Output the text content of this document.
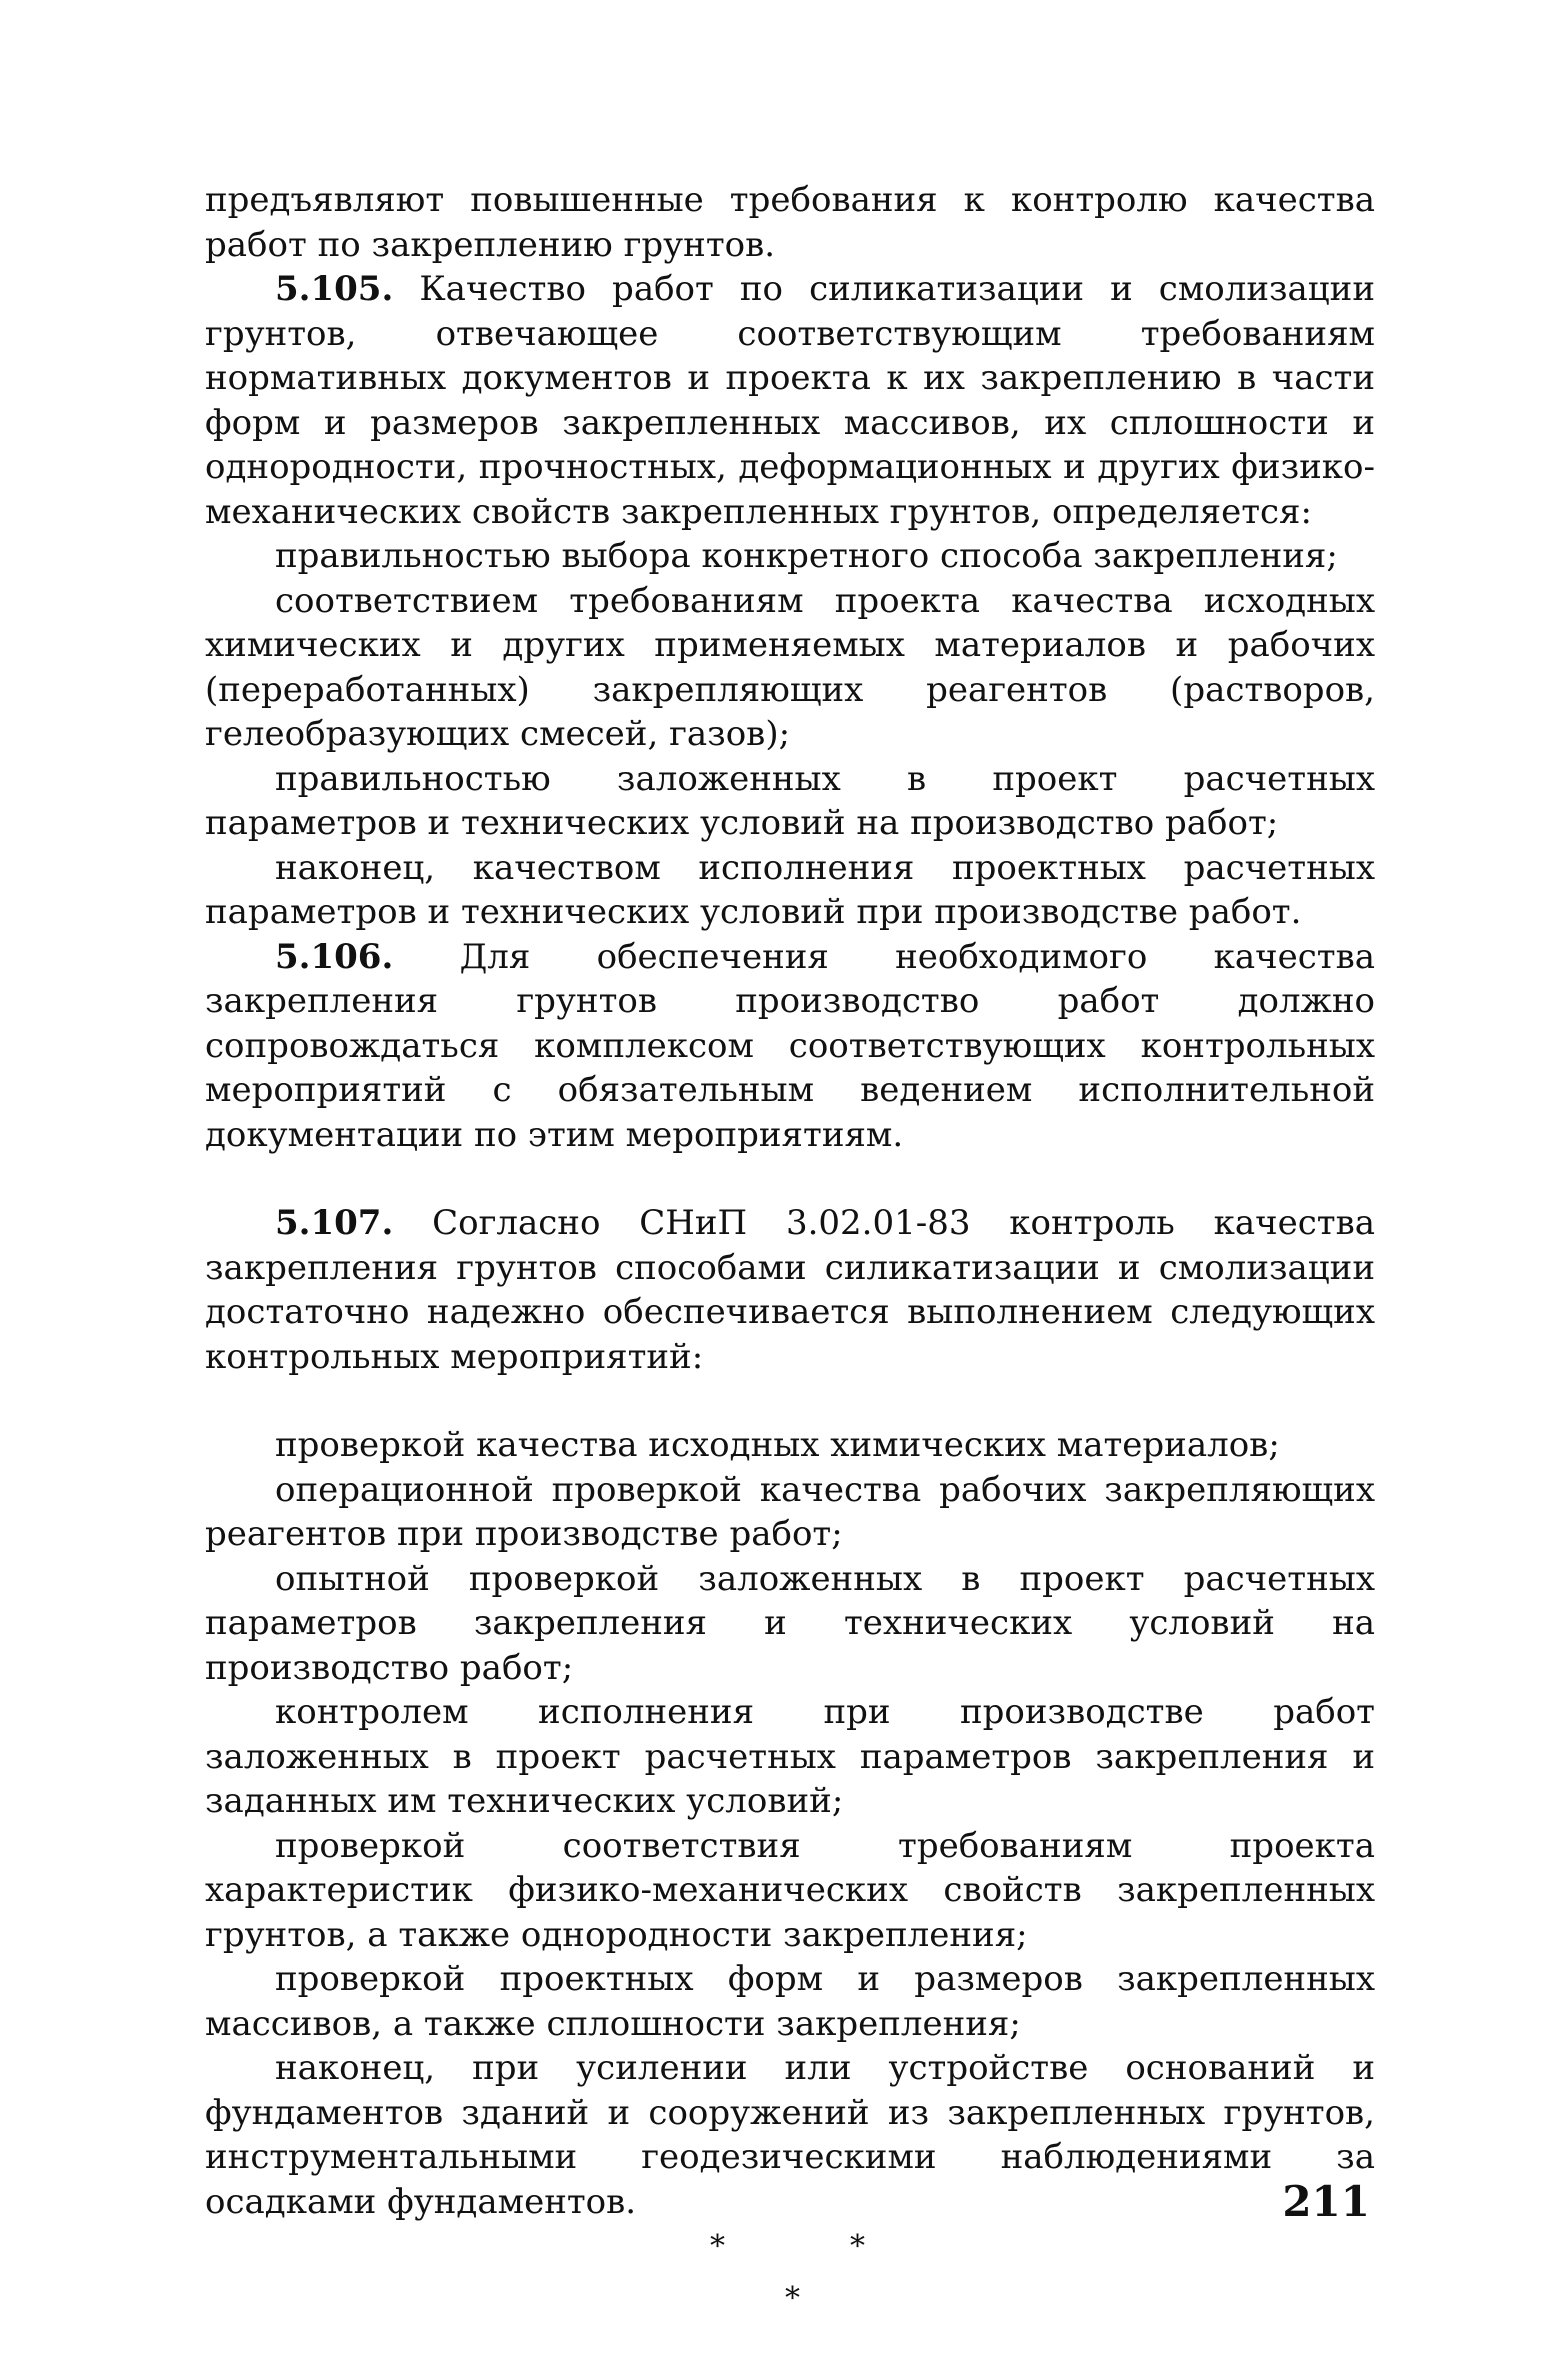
предъявляют повышенные требования к контролю качества работ по закреплению грунтов.

5.105. Качество работ по силикатизации и смолизации грунтов, отвечающее соответствующим требованиям нормативных документов и проекта к их закреплению в части форм и размеров закрепленных массивов, их сплошности и однородности, прочностных, деформационных и других физико-механических свойств закрепленных грунтов, определяется:

правильностью выбора конкретного способа закрепления;

соответствием требованиям проекта качества исходных химических и других применяемых материалов и рабочих (переработанных) закрепляющих реагентов (растворов, гелеобразующих смесей, газов);

правильностью заложенных в проект расчетных параметров и технических условий на производство работ;

наконец, качеством исполнения проектных расчетных параметров и технических условий при производстве работ.

5.106. Для обеспечения необходимого качества закрепления грунтов производство работ должно сопровождаться комплексом соответствующих контрольных мероприятий с обязательным ведением исполнительной документации по этим мероприятиям.

5.107. Согласно СНиП 3.02.01-83 контроль качества закрепления грунтов способами силикатизации и смолизации достаточно надежно обеспечивается выполнением следующих контрольных мероприятий:

проверкой качества исходных химических материалов;

операционной проверкой качества рабочих закрепляющих реагентов при производстве работ;

опытной проверкой заложенных в проект расчетных параметров закрепления и технических условий на производство работ;

контролем исполнения при производстве работ заложенных в проект расчетных параметров закрепления и заданных им технических условий;

проверкой соответствия требованиям проекта характеристик физико-механических свойств закрепленных грунтов, а также однородности закрепления;

проверкой проектных форм и размеров закрепленных массивов, а также сплошности закрепления;

наконец, при усилении или устройстве оснований и фундаментов зданий и сооружений из закрепленных грунтов, инструментальными геодезическими наблюдениями за осадками фундаментов.

*	*
*
211
